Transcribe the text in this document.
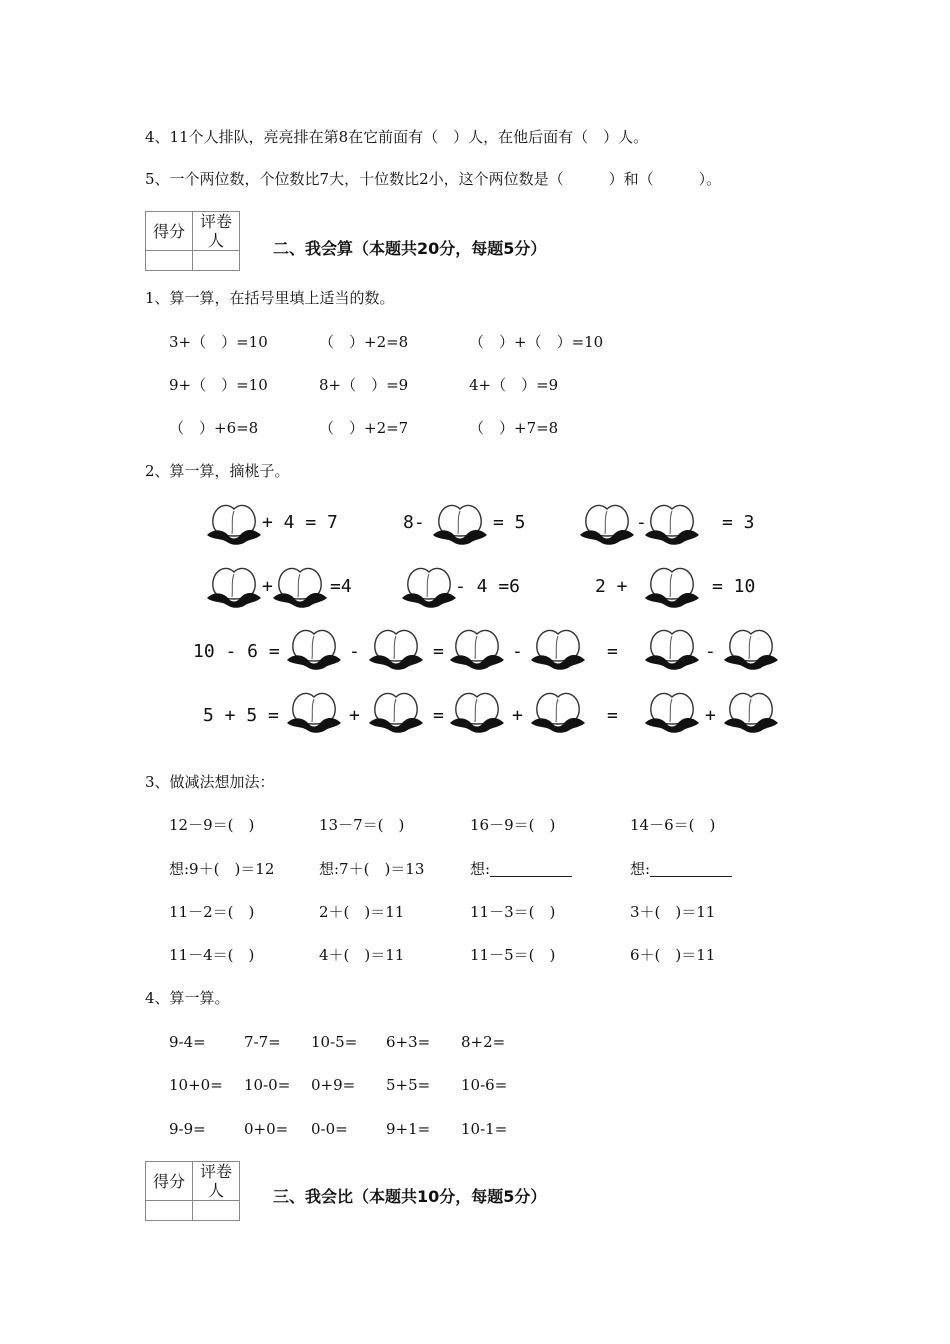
4、11个人排队，亮亮排在第8在它前面有（　）人，在他后面有（　）人。
5、一个两位数，个位数比7大，十位数比2小，这个两位数是（　　　）和（　　　）。
得分	评卷人
		二、我会算（本题共20分，每题5分）
1、算一算，在括号里填上适当的数。
3+（　）=10	（　）+2=8	（　）+（　）=10
9+（　）=10	8+（　）=9	4+（　）=9
（　）+6=8	（　）+2=7	（　）+7=8
2、算一算，摘桃子。
+ 4 = 7	8-	= 5	-	= 3
+	=4	- 4 =6	2 +	= 10
10 - 6 =	-	=	-	=	-
5 + 5 =	+	=	+	=	+
3、做减法想加法：
12－9＝(　)	13－7＝(　)	16－9＝(　)	14－6＝(　)
想:9＋(　)＝12	想:7＋(　)＝13	想:	想:
11－2＝(　)	2＋(　)＝11	11－3＝(　)	3＋(　)＝11
11－4＝(　)	4＋(　)＝11	11－5＝(　)	6＋(　)＝11
4、算一算。
9-4=	7-7= 10-5= 6+3= 8+2=
10+0= 10-0= 0+9= 5+5= 10-6=
9-9=	0+0= 0-0=	9+1= 10-1=
得分	评卷人
		三、我会比（本题共10分，每题5分）
